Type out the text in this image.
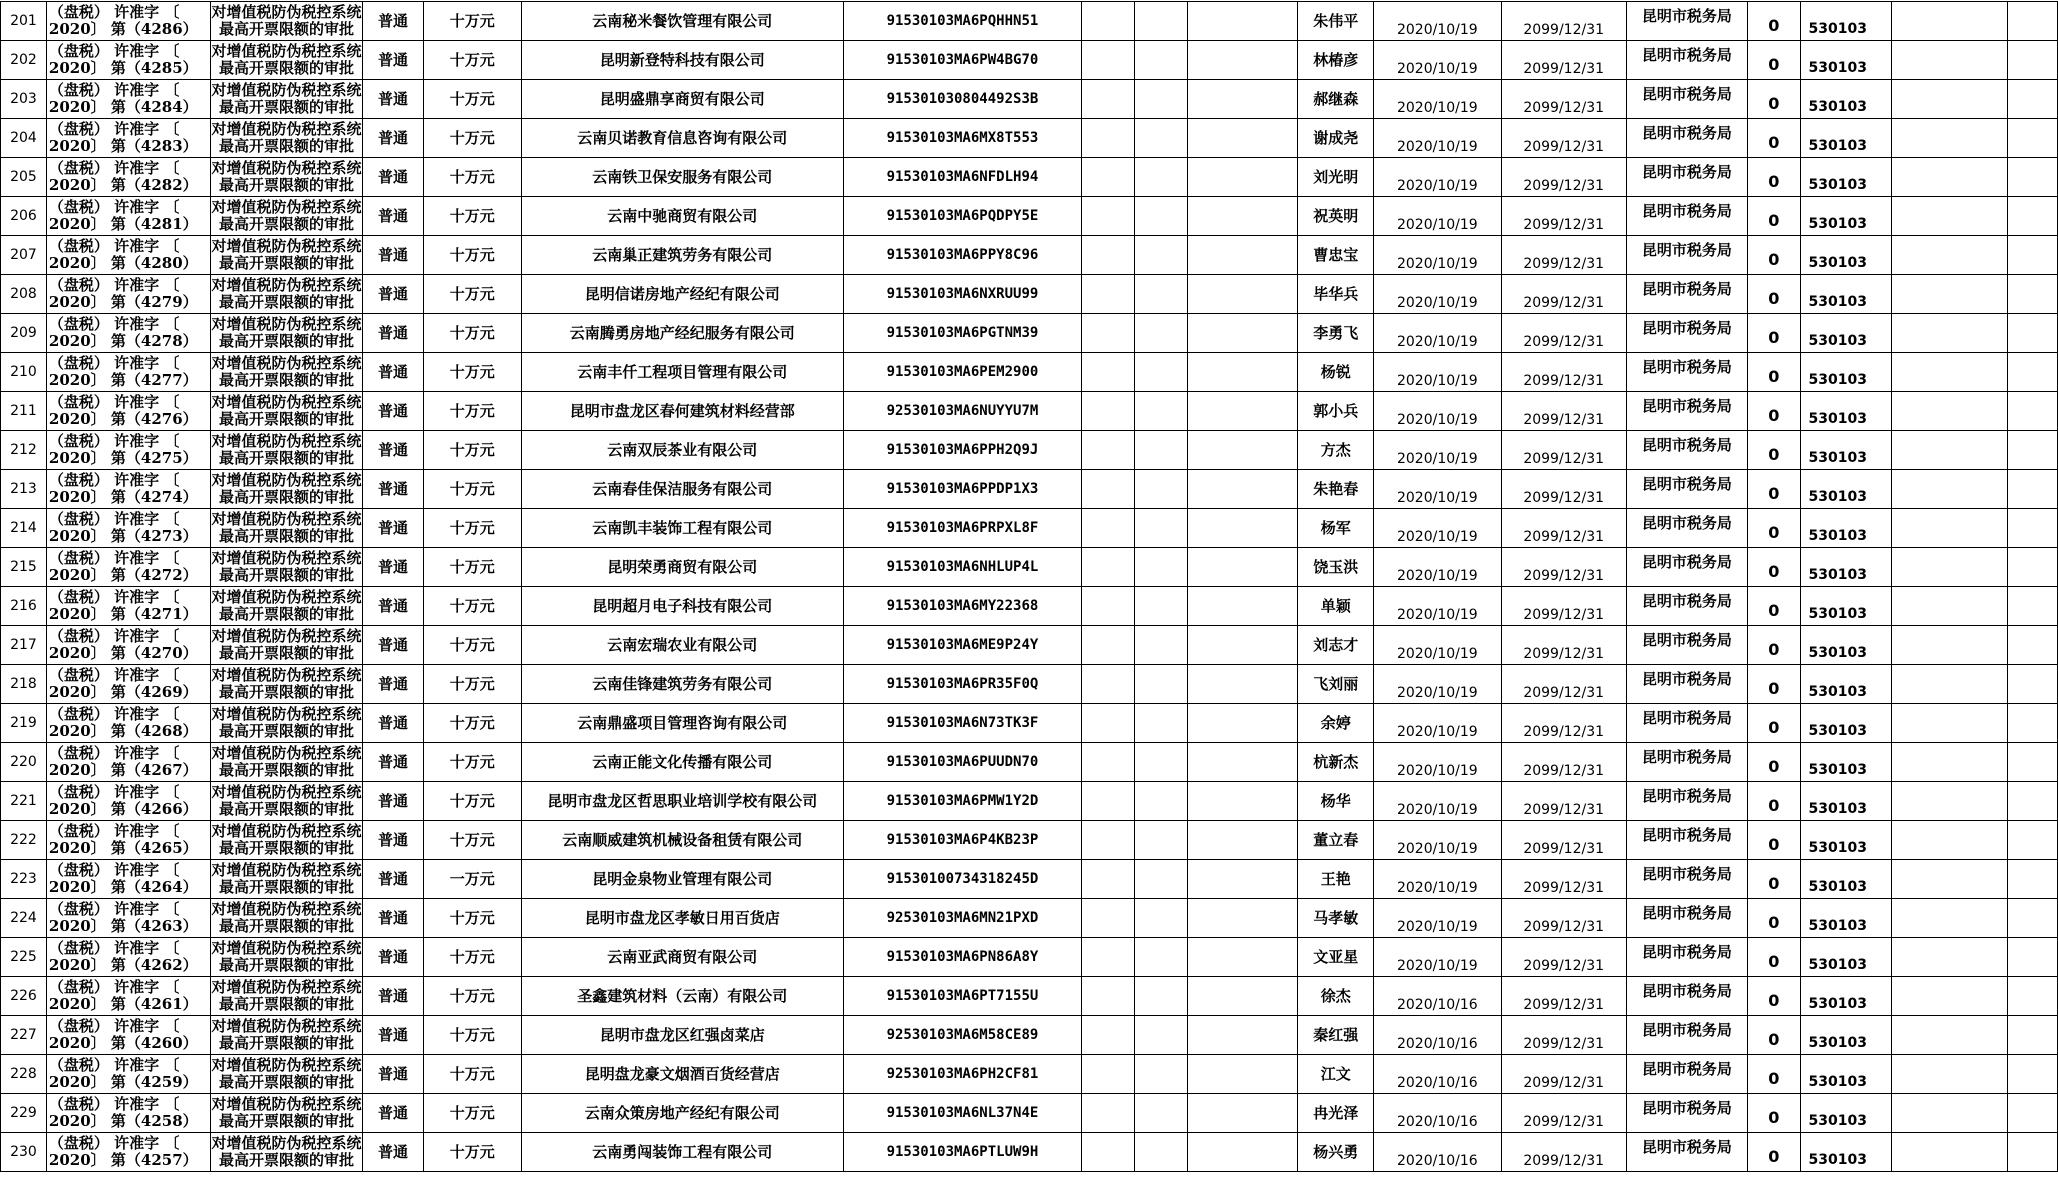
201	（盘税） 许准字 〔
2020〕 第（4286）	对增值税防伪税控系统
最高开票限额的审批	普通	十万元	云南秘米餐饮管理有限公司	91530103MA6PQHHN51				朱伟平	2020/10/19	2099/12/31	昆明市税务局	0	530103		
202	（盘税） 许准字 〔
2020〕 第（4285）	对增值税防伪税控系统
最高开票限额的审批	普通	十万元	昆明新登特科技有限公司	91530103MA6PW4BG70				林椿彦	2020/10/19	2099/12/31	昆明市税务局	0	530103		
203	（盘税） 许准字 〔
2020〕 第（4284）	对增值税防伪税控系统
最高开票限额的审批	普通	十万元	昆明盛鼎享商贸有限公司	915301030804492S3B				郝继森	2020/10/19	2099/12/31	昆明市税务局	0	530103		
204	（盘税） 许准字 〔
2020〕 第（4283）	对增值税防伪税控系统
最高开票限额的审批	普通	十万元	云南贝诺教育信息咨询有限公司	91530103MA6MX8T553				谢成尧	2020/10/19	2099/12/31	昆明市税务局	0	530103		
205	（盘税） 许准字 〔
2020〕 第（4282）	对增值税防伪税控系统
最高开票限额的审批	普通	十万元	云南铁卫保安服务有限公司	91530103MA6NFDLH94				刘光明	2020/10/19	2099/12/31	昆明市税务局	0	530103		
206	（盘税） 许准字 〔
2020〕 第（4281）	对增值税防伪税控系统
最高开票限额的审批	普通	十万元	云南中驰商贸有限公司	91530103MA6PQDPY5E				祝英明	2020/10/19	2099/12/31	昆明市税务局	0	530103		
207	（盘税） 许准字 〔
2020〕 第（4280）	对增值税防伪税控系统
最高开票限额的审批	普通	十万元	云南巢正建筑劳务有限公司	91530103MA6PPY8C96				曹忠宝	2020/10/19	2099/12/31	昆明市税务局	0	530103		
208	（盘税） 许准字 〔
2020〕 第（4279）	对增值税防伪税控系统
最高开票限额的审批	普通	十万元	昆明信诺房地产经纪有限公司	91530103MA6NXRUU99				毕华兵	2020/10/19	2099/12/31	昆明市税务局	0	530103		
209	（盘税） 许准字 〔
2020〕 第（4278）	对增值税防伪税控系统
最高开票限额的审批	普通	十万元	云南腾勇房地产经纪服务有限公司	91530103MA6PGTNM39				李勇飞	2020/10/19	2099/12/31	昆明市税务局	0	530103		
210	（盘税） 许准字 〔
2020〕 第（4277）	对增值税防伪税控系统
最高开票限额的审批	普通	十万元	云南丰仟工程项目管理有限公司	91530103MA6PEM2900				杨锐	2020/10/19	2099/12/31	昆明市税务局	0	530103		
211	（盘税） 许准字 〔
2020〕 第（4276）	对增值税防伪税控系统
最高开票限额的审批	普通	十万元	昆明市盘龙区春何建筑材料经营部	92530103MA6NUYYU7M				郭小兵	2020/10/19	2099/12/31	昆明市税务局	0	530103		
212	（盘税） 许准字 〔
2020〕 第（4275）	对增值税防伪税控系统
最高开票限额的审批	普通	十万元	云南双辰茶业有限公司	91530103MA6PPH2Q9J				方杰	2020/10/19	2099/12/31	昆明市税务局	0	530103		
213	（盘税） 许准字 〔
2020〕 第（4274）	对增值税防伪税控系统
最高开票限额的审批	普通	十万元	云南春佳保洁服务有限公司	91530103MA6PPDP1X3				朱艳春	2020/10/19	2099/12/31	昆明市税务局	0	530103		
214	（盘税） 许准字 〔
2020〕 第（4273）	对增值税防伪税控系统
最高开票限额的审批	普通	十万元	云南凯丰装饰工程有限公司	91530103MA6PRPXL8F				杨军	2020/10/19	2099/12/31	昆明市税务局	0	530103		
215	（盘税） 许准字 〔
2020〕 第（4272）	对增值税防伪税控系统
最高开票限额的审批	普通	十万元	昆明荣勇商贸有限公司	91530103MA6NHLUP4L				饶玉洪	2020/10/19	2099/12/31	昆明市税务局	0	530103		
216	（盘税） 许准字 〔
2020〕 第（4271）	对增值税防伪税控系统
最高开票限额的审批	普通	十万元	昆明超月电子科技有限公司	91530103MA6MY22368				单颖	2020/10/19	2099/12/31	昆明市税务局	0	530103		
217	（盘税） 许准字 〔
2020〕 第（4270）	对增值税防伪税控系统
最高开票限额的审批	普通	十万元	云南宏瑞农业有限公司	91530103MA6ME9P24Y				刘志才	2020/10/19	2099/12/31	昆明市税务局	0	530103		
218	（盘税） 许准字 〔
2020〕 第（4269）	对增值税防伪税控系统
最高开票限额的审批	普通	十万元	云南佳锋建筑劳务有限公司	91530103MA6PR35F0Q				飞刘丽	2020/10/19	2099/12/31	昆明市税务局	0	530103		
219	（盘税） 许准字 〔
2020〕 第（4268）	对增值税防伪税控系统
最高开票限额的审批	普通	十万元	云南鼎盛项目管理咨询有限公司	91530103MA6N73TK3F				余婷	2020/10/19	2099/12/31	昆明市税务局	0	530103		
220	（盘税） 许准字 〔
2020〕 第（4267）	对增值税防伪税控系统
最高开票限额的审批	普通	十万元	云南正能文化传播有限公司	91530103MA6PUUDN70				杭新杰	2020/10/19	2099/12/31	昆明市税务局	0	530103		
221	（盘税） 许准字 〔
2020〕 第（4266）	对增值税防伪税控系统
最高开票限额的审批	普通	十万元	昆明市盘龙区哲思职业培训学校有限公司	91530103MA6PMW1Y2D				杨华	2020/10/19	2099/12/31	昆明市税务局	0	530103		
222	（盘税） 许准字 〔
2020〕 第（4265）	对增值税防伪税控系统
最高开票限额的审批	普通	十万元	云南顺威建筑机械设备租赁有限公司	91530103MA6P4KB23P				董立春	2020/10/19	2099/12/31	昆明市税务局	0	530103		
223	（盘税） 许准字 〔
2020〕 第（4264）	对增值税防伪税控系统
最高开票限额的审批	普通	一万元	昆明金泉物业管理有限公司	91530100734318245D				王艳	2020/10/19	2099/12/31	昆明市税务局	0	530103		
224	（盘税） 许准字 〔
2020〕 第（4263）	对增值税防伪税控系统
最高开票限额的审批	普通	十万元	昆明市盘龙区孝敏日用百货店	92530103MA6MN21PXD				马孝敏	2020/10/19	2099/12/31	昆明市税务局	0	530103		
225	（盘税） 许准字 〔
2020〕 第（4262）	对增值税防伪税控系统
最高开票限额的审批	普通	十万元	云南亚武商贸有限公司	91530103MA6PN86A8Y				文亚星	2020/10/19	2099/12/31	昆明市税务局	0	530103		
226	（盘税） 许准字 〔
2020〕 第（4261）	对增值税防伪税控系统
最高开票限额的审批	普通	十万元	圣鑫建筑材料（云南）有限公司	91530103MA6PT7155U				徐杰	2020/10/16	2099/12/31	昆明市税务局	0	530103		
227	（盘税） 许准字 〔
2020〕 第（4260）	对增值税防伪税控系统
最高开票限额的审批	普通	十万元	昆明市盘龙区红强卤菜店	92530103MA6M58CE89				秦红强	2020/10/16	2099/12/31	昆明市税务局	0	530103		
228	（盘税） 许准字 〔
2020〕 第（4259）	对增值税防伪税控系统
最高开票限额的审批	普通	十万元	昆明盘龙豪文烟酒百货经营店	92530103MA6PH2CF81				江文	2020/10/16	2099/12/31	昆明市税务局	0	530103		
229	（盘税） 许准字 〔
2020〕 第（4258）	对增值税防伪税控系统
最高开票限额的审批	普通	十万元	云南众策房地产经纪有限公司	91530103MA6NL37N4E				冉光泽	2020/10/16	2099/12/31	昆明市税务局	0	530103		
230	（盘税） 许准字 〔
2020〕 第（4257）	对增值税防伪税控系统
最高开票限额的审批	普通	十万元	云南勇闯装饰工程有限公司	91530103MA6PTLUW9H				杨兴勇	2020/10/16	2099/12/31	昆明市税务局	0	530103		
